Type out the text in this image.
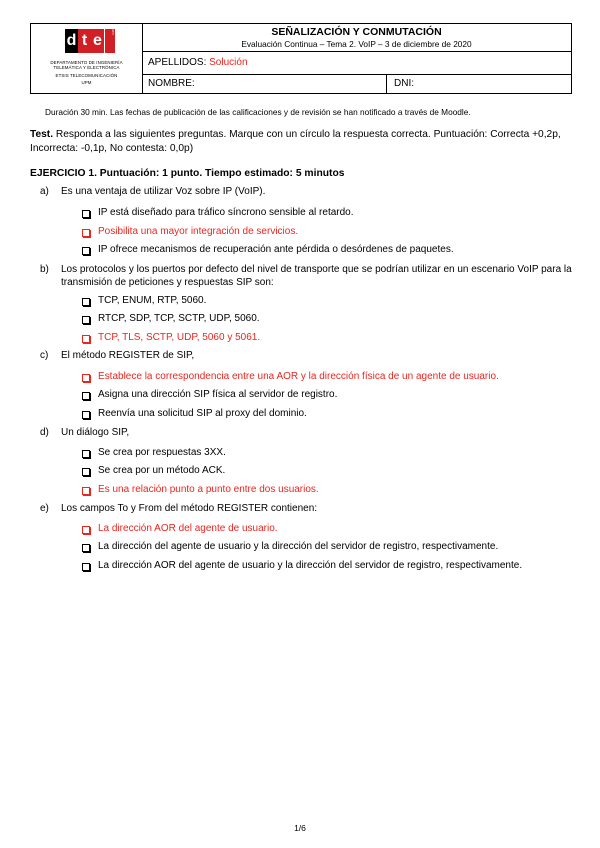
d t e	UPV
DEPARTAMENTO DE INGENIERÍA
TELEMÁTICA Y ELECTRÓNICA
ETSIS TELECOMUNICACIÓN
UPM
SEÑALIZACIÓN Y CONMUTACIÓN
Evaluación Continua – Tema 2. VoIP – 3 de diciembre de 2020
APELLIDOS: Solución
NOMBRE:	DNI:
Duración 30 min. Las fechas de publicación de las calificaciones y de revisión se han notificado a través de Moodle.
Test. Responda a las siguientes preguntas. Marque con un círculo la respuesta correcta. Puntuación: Correcta +0,2p, Incorrecta: -0,1p, No contesta: 0,0p)
EJERCICIO 1. Puntuación: 1 punto. Tiempo estimado: 5 minutos
a) Es una ventaja de utilizar Voz sobre IP (VoIP).
IP está diseñado para tráfico síncrono sensible al retardo.
Posibilita una mayor integración de servicios.
IP ofrece mecanismos de recuperación ante pérdida o desórdenes de paquetes.
b) Los protocolos y los puertos por defecto del nivel de transporte que se podrían utilizar en un escenario VoIP para la transmisión de peticiones y respuestas SIP son:
TCP, ENUM, RTP, 5060.
RTCP, SDP, TCP, SCTP, UDP, 5060.
TCP, TLS, SCTP, UDP, 5060 y 5061.
c) El método REGISTER de SIP,
Establece la correspondencia entre una AOR y la dirección física de un agente de usuario.
Asigna una dirección SIP física al servidor de registro.
Reenvía una solicitud SIP al proxy del dominio.
d) Un diálogo SIP,
Se crea por respuestas 3XX.
Se crea por un método ACK.
Es una relación punto a punto entre dos usuarios.
e) Los campos To y From del método REGISTER contienen:
La dirección AOR del agente de usuario.
La dirección del agente de usuario y la dirección del servidor de registro, respectivamente.
La dirección AOR del agente de usuario y la dirección del servidor de registro, respectivamente.
1/6
